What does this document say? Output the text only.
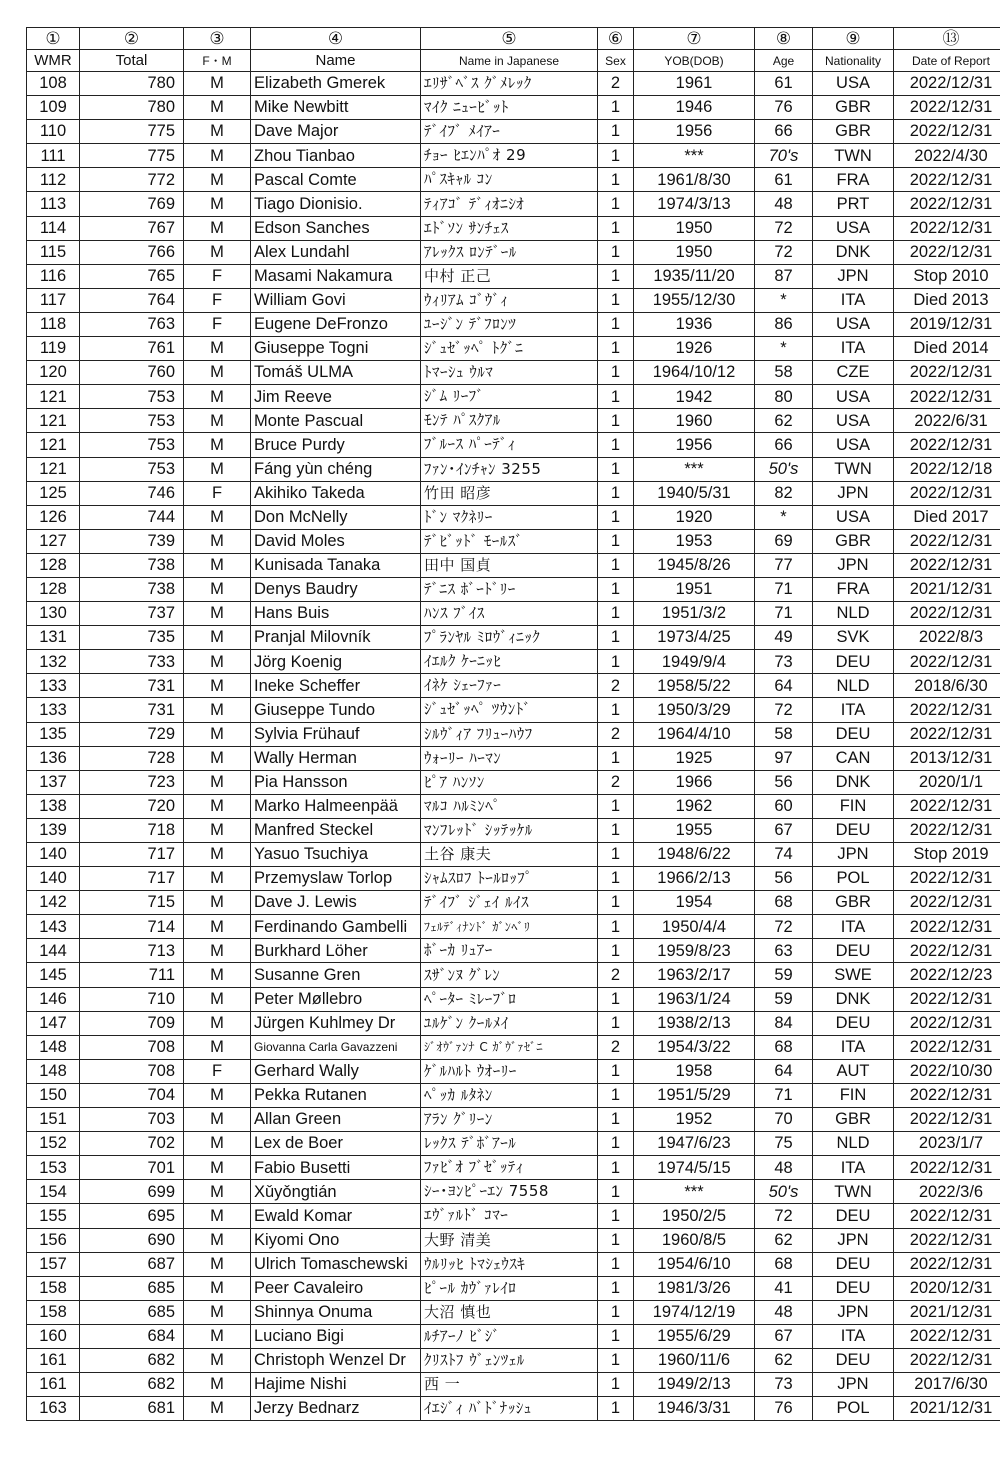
①	②	③	④	⑤	⑥	⑦	⑧	⑨	⑬
WMR	Total	F・M	Name	Name in Japanese	Sex	YOB(DOB)	Age	Nationality	Date of Report
108	780	M	Elizabeth Gmerek	ｴﾘｻﾞﾍﾞｽ ｸﾞﾒﾚｯｸ	2	1961	61	USA	2022/12/31
109	780	M	Mike Newbitt	ﾏｲｸ ﾆｭｰﾋﾞｯﾄ	1	1946	76	GBR	2022/12/31
110	775	M	Dave Major	ﾃﾞｲﾌﾞ ﾒｲｱｰ	1	1956	66	GBR	2022/12/31
111	775	M	Zhou Tianbao	ﾁｮｰ ﾋｴﾝﾊﾟｵ 29	1	***	70's	TWN	2022/4/30
112	772	M	Pascal Comte	ﾊﾟｽｷｬﾙ ｺﾝ	1	1961/8/30	61	FRA	2022/12/31
113	769	M	Tiago Dionisio.	ﾃｨｱｺﾞ ﾃﾞｨｵﾆｼｵ	1	1974/3/13	48	PRT	2022/12/31
114	767	M	Edson Sanches	ｴﾄﾞｿﾝ ｻﾝﾁｪｽ	1	1950	72	USA	2022/12/31
115	766	M	Alex Lundahl	ｱﾚｯｸｽ ﾛﾝﾃﾞｰﾙ	1	1950	72	DNK	2022/12/31
116	765	F	Masami Nakamura	中村 正己	1	1935/11/20	87	JPN	Stop 2010
117	764	F	William Govi	ｳｨﾘｱﾑ ｺﾞｳﾞｨ	1	1955/12/30	*	ITA	Died 2013
118	763	F	Eugene DeFronzo	ﾕｰｼﾞﾝ ﾃﾞﾌﾛﾝﾂ	1	1936	86	USA	2019/12/31
119	761	M	Giuseppe Togni	ｼﾞｭｾﾞｯﾍﾟ ﾄｸﾞﾆ	1	1926	*	ITA	Died 2014
120	760	M	Tomáš ULMA	ﾄﾏｰｼｭ ｳﾙﾏ	1	1964/10/12	58	CZE	2022/12/31
121	753	M	Jim Reeve	ｼﾞﾑ ﾘｰﾌﾞ	1	1942	80	USA	2022/12/31
121	753	M	Monte Pascual	ﾓﾝﾃ ﾊﾟｽｸｱﾙ	1	1960	62	USA	2022/6/31
121	753	M	Bruce Purdy	ﾌﾞﾙｰｽ ﾊﾟｰﾃﾞｨ	1	1956	66	USA	2022/12/31
121	753	M	Fáng yùn chéng	ﾌｧﾝ･ｲﾝﾁｬﾝ 3255	1	***	50's	TWN	2022/12/18
125	746	F	Akihiko Takeda	竹田 昭彦	1	1940/5/31	82	JPN	2022/12/31
126	744	M	Don McNelly	ﾄﾞﾝ ﾏｸﾈﾘｰ	1	1920	*	USA	Died 2017
127	739	M	David Moles	ﾃﾞﾋﾞｯﾄﾞ ﾓｰﾙｽﾞ	1	1953	69	GBR	2022/12/31
128	738	M	Kunisada Tanaka	田中 国貞	1	1945/8/26	77	JPN	2022/12/31
128	738	M	Denys Baudry	ﾃﾞﾆｽ ﾎﾞｰﾄﾞﾘｰ	1	1951	71	FRA	2021/12/31
130	737	M	Hans Buis	ﾊﾝｽ ﾌﾞｲｽ	1	1951/3/2	71	NLD	2022/12/31
131	735	M	Pranjal Milovník	ﾌﾟﾗﾝﾔﾙ ﾐﾛｳﾞｨﾆｯｸ	1	1973/4/25	49	SVK	2022/8/3
132	733	M	Jörg Koenig	ｲｴﾙｸ ｹｰﾆｯﾋ	1	1949/9/4	73	DEU	2022/12/31
133	731	M	Ineke Scheffer	ｲﾈｹ ｼｪｰﾌｧｰ	2	1958/5/22	64	NLD	2018/6/30
133	731	M	Giuseppe Tundo	ｼﾞｭｾﾞｯﾍﾟ ﾂｳﾝﾄﾞ	1	1950/3/29	72	ITA	2022/12/31
135	729	M	Sylvia Frühauf	ｼﾙｳﾞｨｱ ﾌﾘｭｰﾊｳﾌ	2	1964/4/10	58	DEU	2022/12/31
136	728	M	Wally Herman	ｳｫｰﾘｰ ﾊｰﾏﾝ	1	1925	97	CAN	2013/12/31
137	723	M	Pia Hansson	ﾋﾟｱ ﾊﾝｿﾝ	2	1966	56	DNK	2020/1/1
138	720	M	Marko Halmeenpää	ﾏﾙｺ ﾊﾙﾐﾝﾍﾟ	1	1962	60	FIN	2022/12/31
139	718	M	Manfred Steckel	ﾏﾝﾌﾚｯﾄﾞ ｼｯﾃｯｹﾙ	1	1955	67	DEU	2022/12/31
140	717	M	Yasuo Tsuchiya	土谷 康夫	1	1948/6/22	74	JPN	Stop 2019
140	717	M	Przemyslaw Torlop	ｼｬﾑｽﾛﾌ ﾄｰﾙﾛｯﾌﾟ	1	1966/2/13	56	POL	2022/12/31
142	715	M	Dave J. Lewis	ﾃﾞｲﾌﾞ ｼﾞｪｲ ﾙｲｽ	1	1954	68	GBR	2022/12/31
143	714	M	Ferdinando Gambelli	ﾌｪﾙﾃﾞｨﾅﾝﾄﾞ ｶﾞﾝﾍﾞﾘ	1	1950/4/4	72	ITA	2022/12/31
144	713	M	Burkhard Löher	ﾎﾞｰｶ ﾘｭｱｰ	1	1959/8/23	63	DEU	2022/12/31
145	711	M	Susanne Gren	ｽｻﾞﾝﾇ ｸﾞﾚﾝ	2	1963/2/17	59	SWE	2022/12/23
146	710	M	Peter Møllebro	ﾍﾟｰﾀｰ ﾐﾚｰﾌﾞﾛ	1	1963/1/24	59	DNK	2022/12/31
147	709	M	Jürgen Kuhlmey Dr	ﾕﾙｹﾞﾝ ｸｰﾙﾒｲ	1	1938/2/13	84	DEU	2022/12/31
148	708	M	Giovanna Carla Gavazzeni	ｼﾞｵｳﾞｧﾝﾅ C ｶﾞｳﾞｧｾﾞﾆ	2	1954/3/22	68	ITA	2022/12/31
148	708	F	Gerhard Wally	ｹﾞﾙﾊﾙﾄ ｳｵｰﾘｰ	1	1958	64	AUT	2022/10/30
150	704	M	Pekka Rutanen	ﾍﾟｯｶ ﾙﾀﾈﾝ	1	1951/5/29	71	FIN	2022/12/31
151	703	M	Allan Green	ｱﾗﾝ ｸﾞﾘｰﾝ	1	1952	70	GBR	2022/12/31
152	702	M	Lex de Boer	ﾚｯｸｽ ﾃﾞﾎﾞｱｰﾙ	1	1947/6/23	75	NLD	2023/1/7
153	701	M	Fabio Busetti	ﾌｧﾋﾞｵ ﾌﾞｾﾞｯﾃｨ	1	1974/5/15	48	ITA	2022/12/31
154	699	M	Xǔyǒngtián	ｼｰ･ﾖﾝﾋﾟｰｴﾝ 7558	1	***	50's	TWN	2022/3/6
155	695	M	Ewald Komar	ｴｳﾞｧﾙﾄﾞ ｺﾏｰ	1	1950/2/5	72	DEU	2022/12/31
156	690	M	Kiyomi Ono	大野 清美	1	1960/8/5	62	JPN	2022/12/31
157	687	M	Ulrich Tomaschewski	ｳﾙﾘｯﾋ ﾄﾏｼｪｳｽｷ	1	1954/6/10	68	DEU	2022/12/31
158	685	M	Peer Cavaleiro	ﾋﾟｰﾙ ｶｳﾞｧﾚｲﾛ	1	1981/3/26	41	DEU	2020/12/31
158	685	M	Shinnya Onuma	大沼 慎也	1	1974/12/19	48	JPN	2021/12/31
160	684	M	Luciano Bigi	ﾙﾁｱｰﾉ ﾋﾞｼﾞ	1	1955/6/29	67	ITA	2022/12/31
161	682	M	Christoph Wenzel Dr	ｸﾘｽﾄﾌ ｳﾞｪﾝﾂｪﾙ	1	1960/11/6	62	DEU	2022/12/31
161	682	M	Hajime Nishi	西 一	1	1949/2/13	73	JPN	2017/6/30
163	681	M	Jerzy Bednarz	ｲｴｼﾞｨ ﾊﾞﾄﾞﾅｯｼｭ	1	1946/3/31	76	POL	2021/12/31
